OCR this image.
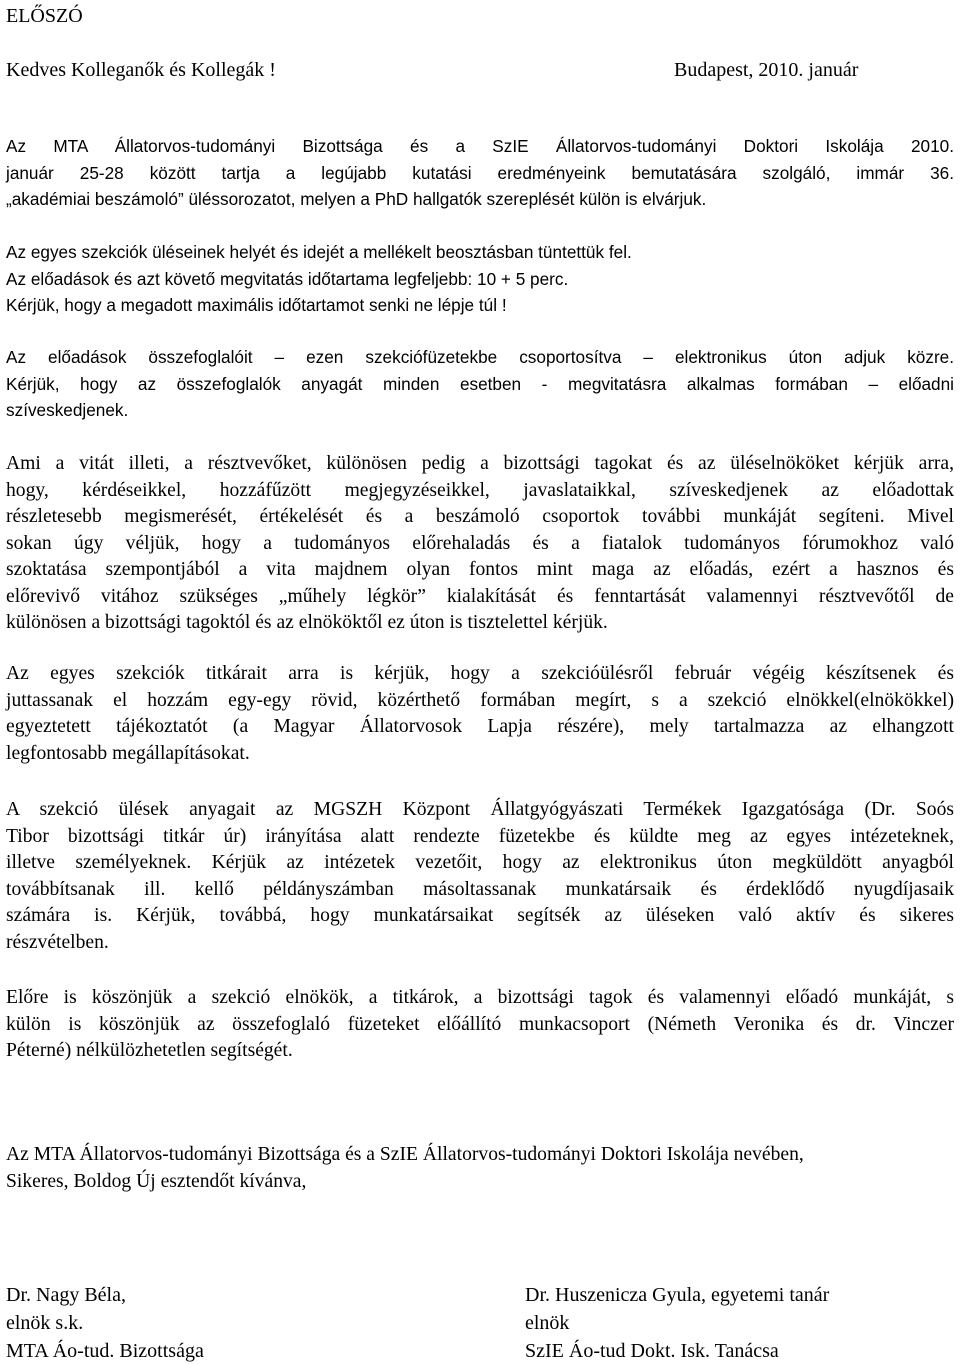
ELŐSZÓ
Kedves Kolleganők és Kollegák !	Budapest, 2010. január
Az MTA Állatorvos-tudományi Bizottsága és a SzIE Állatorvos-tudományi Doktori Iskolája 2010.
január 25-28 között tartja a legújabb kutatási eredményeink bemutatására szolgáló, immár 36.
„akadémiai beszámoló” üléssorozatot, melyen a PhD hallgatók szereplését külön is elvárjuk.
Az egyes szekciók üléseinek helyét és idejét a mellékelt beosztásban tüntettük fel.
Az előadások és azt követő megvitatás időtartama legfeljebb: 10 + 5 perc.
Kérjük, hogy a megadott maximális időtartamot senki ne lépje túl !
Az előadások összefoglalóit – ezen szekciófüzetekbe csoportosítva – elektronikus úton adjuk közre.
Kérjük, hogy az összefoglalók anyagát minden esetben - megvitatásra alkalmas formában – előadni
szíveskedjenek.
Ami a vitát illeti, a résztvevőket, különösen pedig a bizottsági tagokat és az üléselnököket kérjük arra,
hogy, kérdéseikkel, hozzáfűzött megjegyzéseikkel, javaslataikkal, szíveskedjenek az előadottak
részletesebb megismerését, értékelését és a beszámoló csoportok további munkáját segíteni. Mivel
sokan úgy véljük, hogy a tudományos előrehaladás és a fiatalok tudományos fórumokhoz való
szoktatása szempontjából a vita majdnem olyan fontos mint maga az előadás, ezért a hasznos és
előrevivő vitához szükséges „műhely légkör” kialakítását és fenntartását valamennyi résztvevőtől de
különösen a bizottsági tagoktól és az elnököktől ez úton is tisztelettel kérjük.
Az egyes szekciók titkárait arra is kérjük, hogy a szekcióülésről február végéig készítsenek és
juttassanak el hozzám egy-egy rövid, közérthető formában megírt, s a szekció elnökkel(elnökökkel)
egyeztetett tájékoztatót (a Magyar Állatorvosok Lapja részére), mely tartalmazza az elhangzott
legfontosabb megállapításokat.
A szekció ülések anyagait az MGSZH Központ Állatgyógyászati Termékek Igazgatósága (Dr. Soós
Tibor bizottsági titkár úr) irányítása alatt rendezte füzetekbe és küldte meg az egyes intézeteknek,
illetve személyeknek. Kérjük az intézetek vezetőit, hogy az elektronikus úton megküldött anyagból
továbbítsanak ill. kellő példányszámban másoltassanak munkatársaik és érdeklődő nyugdíjasaik
számára is. Kérjük, továbbá, hogy munkatársaikat segítsék az üléseken való aktív és sikeres
részvételben.
Előre is köszönjük a szekció elnökök, a titkárok, a bizottsági tagok és valamennyi előadó munkáját, s
külön is köszönjük az összefoglaló füzeteket előállító munkacsoport (Németh Veronika és dr. Vinczer
Péterné) nélkülözhetetlen segítségét.
Az MTA Állatorvos-tudományi Bizottsága és a SzIE Állatorvos-tudományi Doktori Iskolája nevében,
Sikeres, Boldog Új esztendőt kívánva,
Dr. Nagy Béla,
elnök s.k.
MTA Áo-tud. Bizottsága
Dr. Huszenicza Gyula, egyetemi tanár
elnök
SzIE Áo-tud Dokt. Isk. Tanácsa
